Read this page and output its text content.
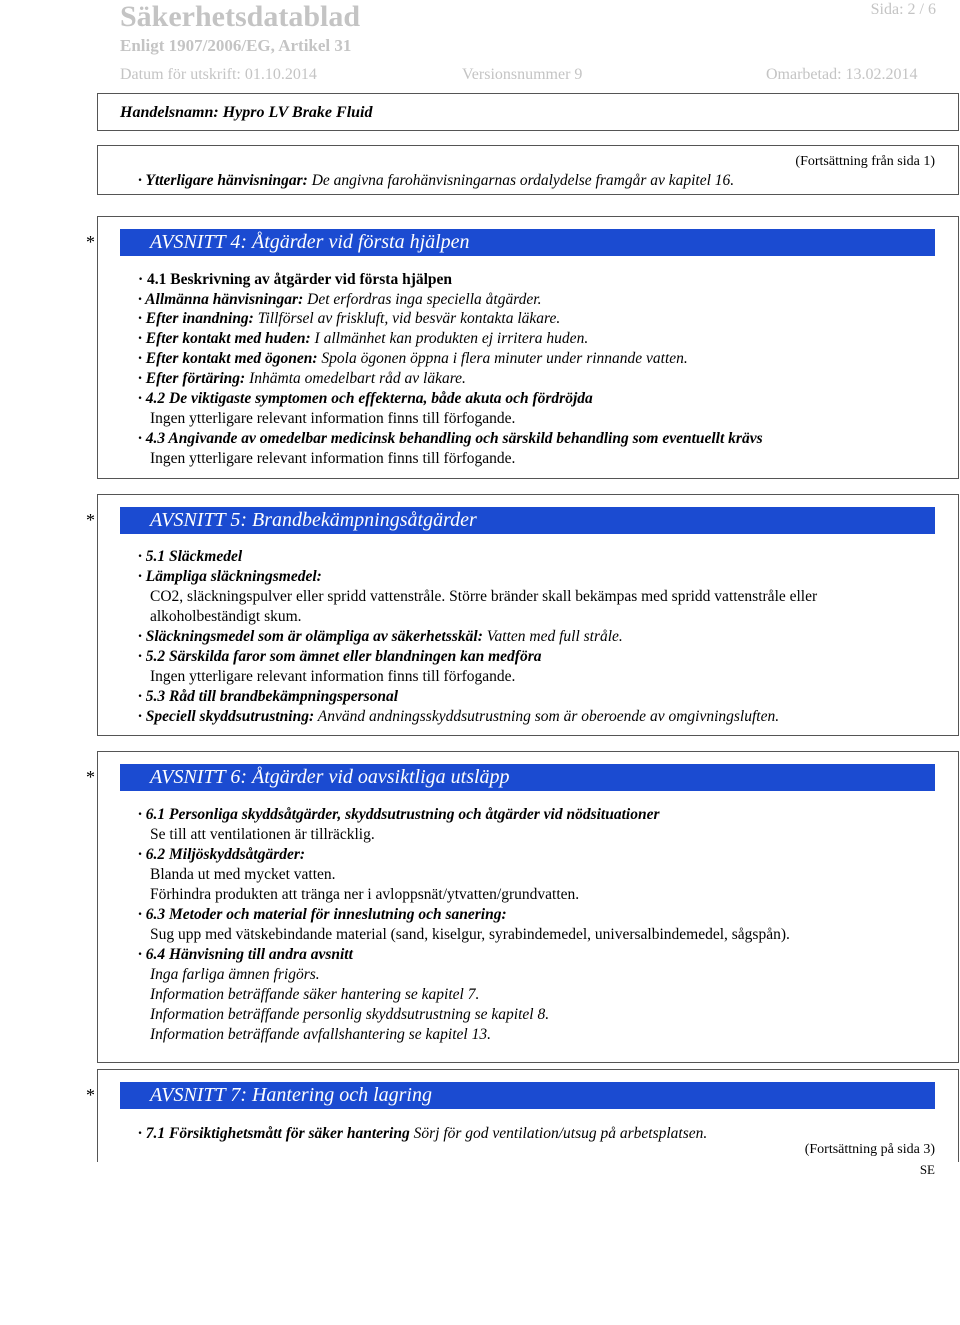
Säkerhetsdatablad
Enligt 1907/2006/EG, Artikel 31
Sida: 2 / 6
Datum för utskrift: 01.10.2014	Versionsnummer 9	Omarbetad: 13.02.2014
Handelsnamn: Hypro LV Brake Fluid
(Fortsättning från sida 1)
· Ytterligare hänvisningar: De angivna farohänvisningarnas ordalydelse framgår av kapitel 16.
*	AVSNITT 4: Åtgärder vid första hjälpen
· 4.1 Beskrivning av åtgärder vid första hjälpen
· Allmänna hänvisningar: Det erfordras inga speciella åtgärder.
· Efter inandning: Tillförsel av friskluft, vid besvär kontakta läkare.
· Efter kontakt med huden: I allmänhet kan produkten ej irritera huden.
· Efter kontakt med ögonen: Spola ögonen öppna i flera minuter under rinnande vatten.
· Efter förtäring: Inhämta omedelbart råd av läkare.
· 4.2 De viktigaste symptomen och effekterna, både akuta och fördröjda
Ingen ytterligare relevant information finns till förfogande.
· 4.3 Angivande av omedelbar medicinsk behandling och särskild behandling som eventuellt krävs
Ingen ytterligare relevant information finns till förfogande.
*	AVSNITT 5: Brandbekämpningsåtgärder
· 5.1 Släckmedel
· Lämpliga släckningsmedel:
CO2, släckningspulver eller spridd vattenstråle. Större bränder skall bekämpas med spridd vattenstråle eller
alkoholbeständigt skum.
· Släckningsmedel som är olämpliga av säkerhetsskäl: Vatten med full stråle.
· 5.2 Särskilda faror som ämnet eller blandningen kan medföra
Ingen ytterligare relevant information finns till förfogande.
· 5.3 Råd till brandbekämpningspersonal
· Speciell skyddsutrustning: Använd andningsskyddsutrustning som är oberoende av omgivningsluften.
*	AVSNITT 6: Åtgärder vid oavsiktliga utsläpp
· 6.1 Personliga skyddsåtgärder, skyddsutrustning och åtgärder vid nödsituationer
Se till att ventilationen är tillräcklig.
· 6.2 Miljöskyddsåtgärder:
Blanda ut med mycket vatten.
Förhindra produkten att tränga ner i avloppsnät/ytvatten/grundvatten.
· 6.3 Metoder och material för inneslutning och sanering:
Sug upp med vätskebindande material (sand, kiselgur, syrabindemedel, universalbindemedel, sågspån).
· 6.4 Hänvisning till andra avsnitt
Inga farliga ämnen frigörs.
Information beträffande säker hantering se kapitel 7.
Information beträffande personlig skyddsutrustning se kapitel 8.
Information beträffande avfallshantering se kapitel 13.
*	AVSNITT 7: Hantering och lagring
· 7.1 Försiktighetsmått för säker hantering Sörj för god ventilation/utsug på arbetsplatsen.
(Fortsättning på sida 3)
SE
